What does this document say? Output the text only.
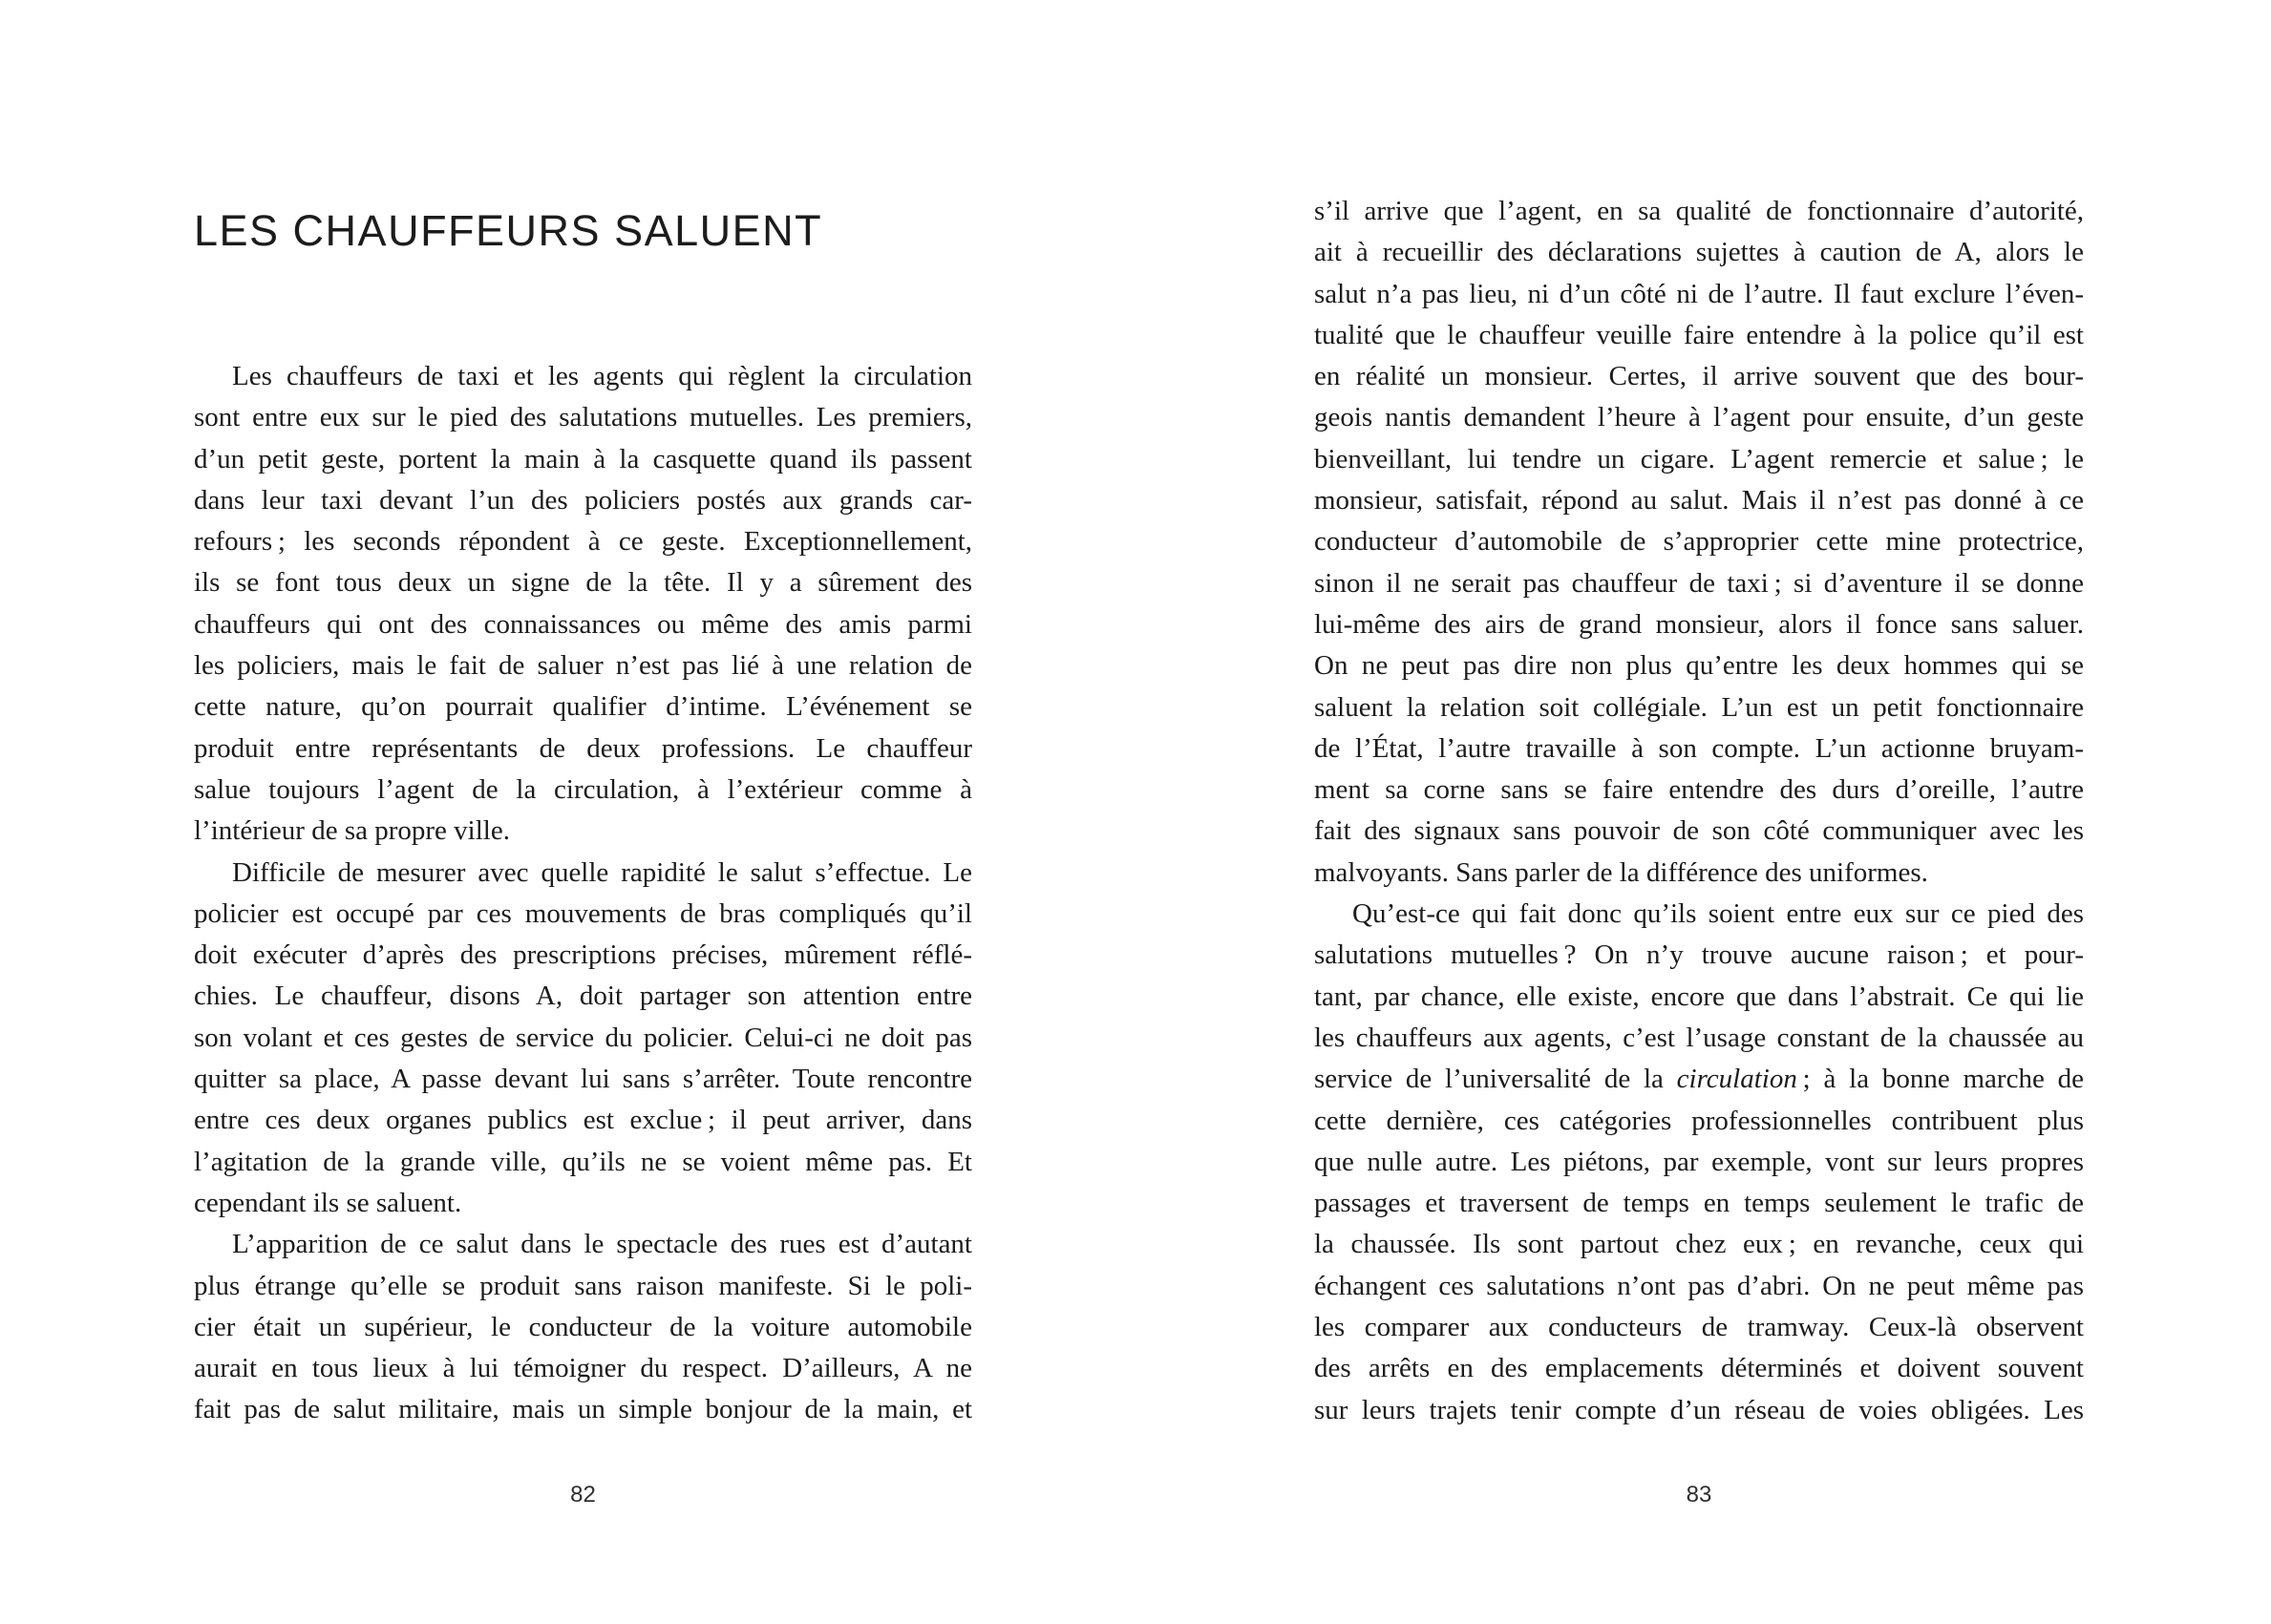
LES CHAUFFEURS SALUENT
Les chauffeurs de taxi et les agents qui règlent la circulation
sont entre eux sur le pied des salutations mutuelles. Les premiers,
d’un petit geste, portent la main à la casquette quand ils passent
dans leur taxi devant l’un des policiers postés aux grands car-
refours ; les seconds répondent à ce geste. Exceptionnellement,
ils se font tous deux un signe de la tête. Il y a sûrement des
chauffeurs qui ont des connaissances ou même des amis parmi
les policiers, mais le fait de saluer n’est pas lié à une relation de
cette nature, qu’on pourrait qualifier d’intime. L’événement se
produit entre représentants de deux professions. Le chauffeur
salue toujours l’agent de la circulation, à l’extérieur comme à
l’intérieur de sa propre ville.
Difficile de mesurer avec quelle rapidité le salut s’effectue. Le
policier est occupé par ces mouvements de bras compliqués qu’il
doit exécuter d’après des prescriptions précises, mûrement réflé-
chies. Le chauffeur, disons A, doit partager son attention entre
son volant et ces gestes de service du policier. Celui-ci ne doit pas
quitter sa place, A passe devant lui sans s’arrêter. Toute rencontre
entre ces deux organes publics est exclue ; il peut arriver, dans
l’agitation de la grande ville, qu’ils ne se voient même pas. Et
cependant ils se saluent.
L’apparition de ce salut dans le spectacle des rues est d’autant
plus étrange qu’elle se produit sans raison manifeste. Si le poli-
cier était un supérieur, le conducteur de la voiture automobile
aurait en tous lieux à lui témoigner du respect. D’ailleurs, A ne
fait pas de salut militaire, mais un simple bonjour de la main, et
s’il arrive que l’agent, en sa qualité de fonctionnaire d’autorité,
ait à recueillir des déclarations sujettes à caution de A, alors le
salut n’a pas lieu, ni d’un côté ni de l’autre. Il faut exclure l’éven-
tualité que le chauffeur veuille faire entendre à la police qu’il est
en réalité un monsieur. Certes, il arrive souvent que des bour-
geois nantis demandent l’heure à l’agent pour ensuite, d’un geste
bienveillant, lui tendre un cigare. L’agent remercie et salue ; le
monsieur, satisfait, répond au salut. Mais il n’est pas donné à ce
conducteur d’automobile de s’approprier cette mine protectrice,
sinon il ne serait pas chauffeur de taxi ; si d’aventure il se donne
lui-même des airs de grand monsieur, alors il fonce sans saluer.
On ne peut pas dire non plus qu’entre les deux hommes qui se
saluent la relation soit collégiale. L’un est un petit fonctionnaire
de l’État, l’autre travaille à son compte. L’un actionne bruyam-
ment sa corne sans se faire entendre des durs d’oreille, l’autre
fait des signaux sans pouvoir de son côté communiquer avec les
malvoyants. Sans parler de la différence des uniformes.
Qu’est-ce qui fait donc qu’ils soient entre eux sur ce pied des
salutations mutuelles ? On n’y trouve aucune raison ; et pour-
tant, par chance, elle existe, encore que dans l’abstrait. Ce qui lie
les chauffeurs aux agents, c’est l’usage constant de la chaussée au
service de l’universalité de la circulation ; à la bonne marche de
cette dernière, ces catégories professionnelles contribuent plus
que nulle autre. Les piétons, par exemple, vont sur leurs propres
passages et traversent de temps en temps seulement le trafic de
la chaussée. Ils sont partout chez eux ; en revanche, ceux qui
échangent ces salutations n’ont pas d’abri. On ne peut même pas
les comparer aux conducteurs de tramway. Ceux-là observent
des arrêts en des emplacements déterminés et doivent souvent
sur leurs trajets tenir compte d’un réseau de voies obligées. Les
82	83
